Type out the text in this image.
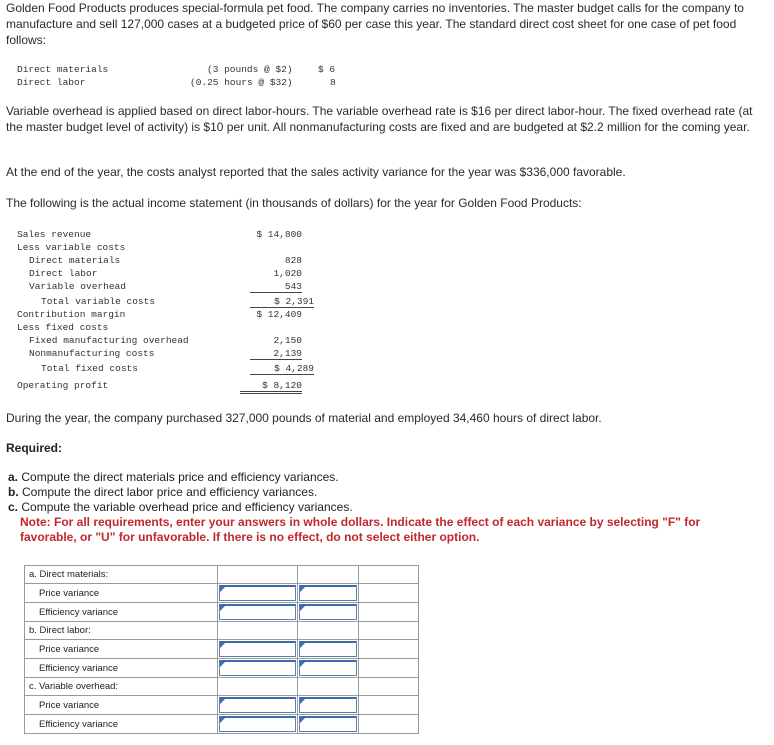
Golden Food Products produces special-formula pet food. The company carries no inventories. The master budget calls for the company to manufacture and sell 127,000 cases at a budgeted price of $60 per case this year. The standard direct cost sheet for one case of pet food follows:
Direct materials	(3 pounds @ $2)	$ 6
Direct labor	(0.25 hours @ $32)	8
Variable overhead is applied based on direct labor-hours. The variable overhead rate is $16 per direct labor-hour. The fixed overhead rate (at the master budget level of activity) is $10 per unit. All nonmanufacturing costs are fixed and are budgeted at $2.2 million for the coming year.
At the end of the year, the costs analyst reported that the sales activity variance for the year was $336,000 favorable.
The following is the actual income statement (in thousands of dollars) for the year for Golden Food Products:
Sales revenue	$ 14,800
Less variable costs
Direct materials	828
Direct labor	1,020
Variable overhead	543
Total variable costs	$ 2,391
Contribution margin	$ 12,409
Less fixed costs
Fixed manufacturing overhead	2,150
Nonmanufacturing costs	2,139
Total fixed costs	$ 4,289
Operating profit	$ 8,120
During the year, the company purchased 327,000 pounds of material and employed 34,460 hours of direct labor.
Required:
a. Compute the direct materials price and efficiency variances.
b. Compute the direct labor price and efficiency variances.
c. Compute the variable overhead price and efficiency variances.
Note: For all requirements, enter your answers in whole dollars. Indicate the effect of each variance by selecting "F" for favorable, or "U" for unfavorable. If there is no effect, do not select either option.
a. Direct materials:			
Price variance	

Efficiency variance	

b. Direct labor:			
Price variance	

Efficiency variance	

c. Variable overhead:			
Price variance	

Efficiency variance	
